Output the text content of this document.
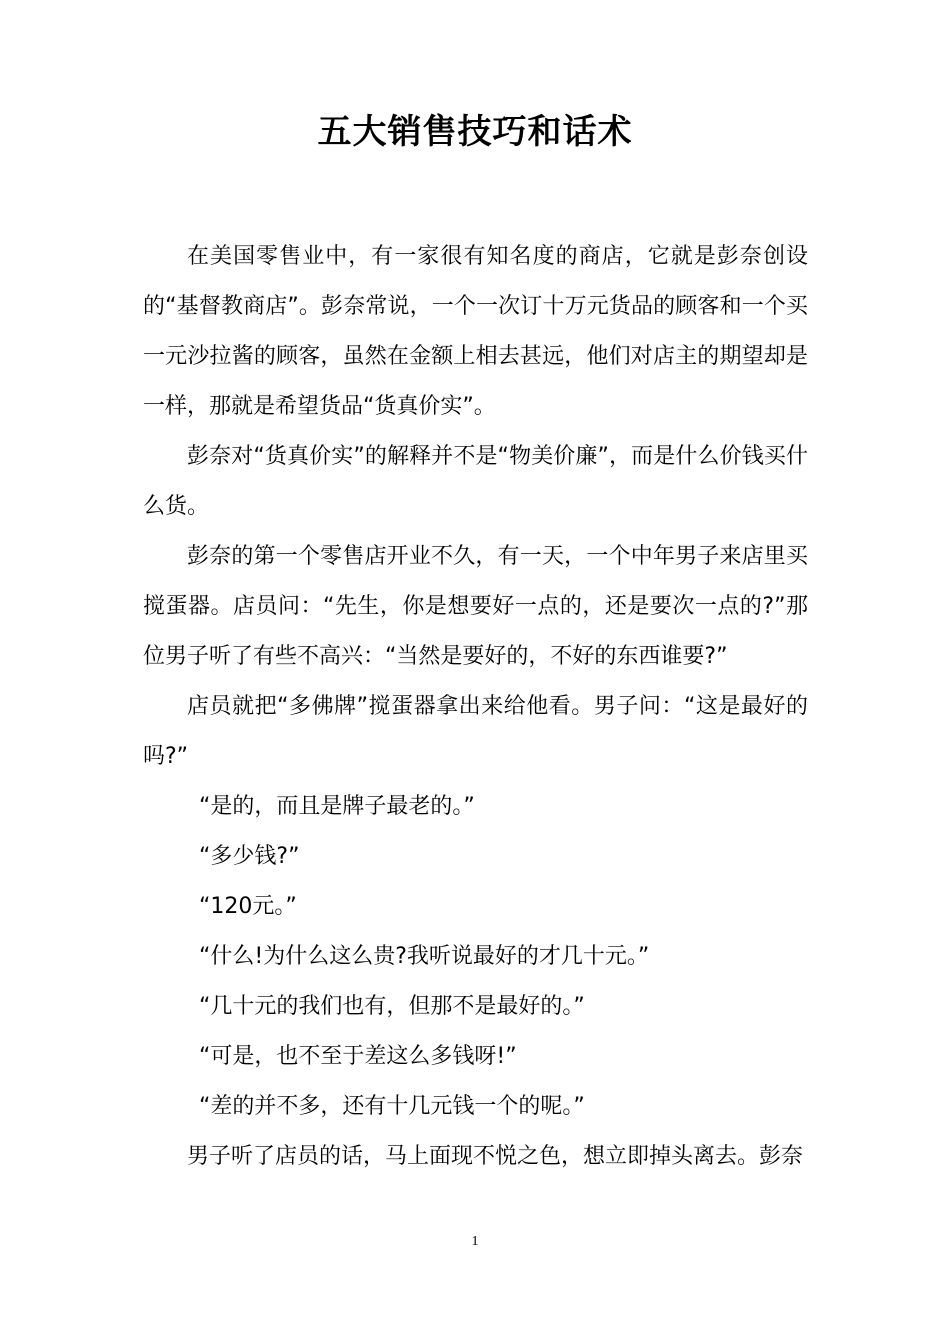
五大销售技巧和话术

在美国零售业中，有一家很有知名度的商店，它就是彭奈创设的“基督教商店”。彭奈常说，一个一次订十万元货品的顾客和一个买一元沙拉酱的顾客，虽然在金额上相去甚远，他们对店主的期望却是一样，那就是希望货品“货真价实”。

彭奈对“货真价实”的解释并不是“物美价廉”，而是什么价钱买什么货。

彭奈的第一个零售店开业不久，有一天，一个中年男子来店里买搅蛋器。店员问：“先生，你是想要好一点的，还是要次一点的?”那位男子听了有些不高兴：“当然是要好的，不好的东西谁要?”

店员就把“多佛牌”搅蛋器拿出来给他看。男子问：“这是最好的吗?”

“是的，而且是牌子最老的。”

“多少钱?”

“120元。”

“什么!为什么这么贵?我听说最好的才几十元。”

“几十元的我们也有，但那不是最好的。”

“可是，也不至于差这么多钱呀!”

“差的并不多，还有十几元钱一个的呢。”

男子听了店员的话，马上面现不悦之色，想立即掉头离去。彭奈

1
